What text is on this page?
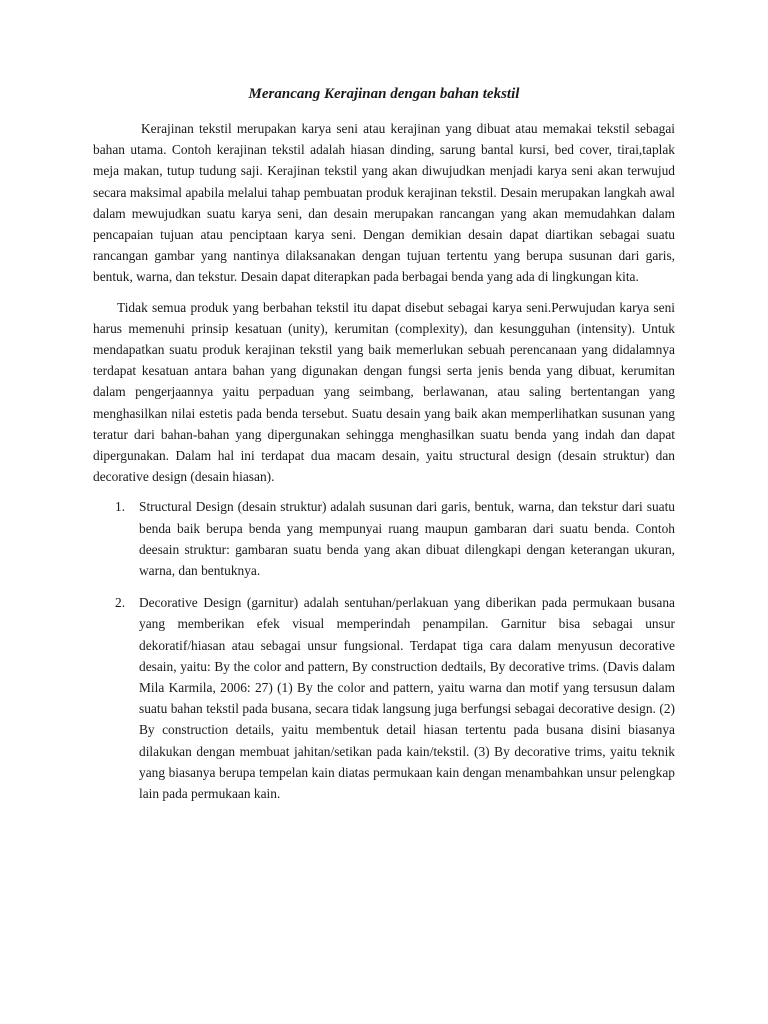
Merancang Kerajinan dengan bahan tekstil

Kerajinan tekstil merupakan karya seni atau kerajinan yang dibuat atau memakai tekstil sebagai bahan utama. Contoh kerajinan tekstil adalah hiasan dinding, sarung bantal kursi, bed cover, tirai,taplak meja makan, tutup tudung saji. Kerajinan tekstil yang akan diwujudkan menjadi karya seni akan terwujud secara maksimal apabila melalui tahap pembuatan produk kerajinan tekstil. Desain merupakan langkah awal dalam mewujudkan suatu karya seni, dan desain merupakan rancangan yang akan memudahkan dalam pencapaian tujuan atau penciptaan karya seni. Dengan demikian desain dapat diartikan sebagai suatu rancangan gambar yang nantinya dilaksanakan dengan tujuan tertentu yang berupa susunan dari garis, bentuk, warna, dan tekstur. Desain dapat diterapkan pada berbagai benda yang ada di lingkungan kita.

Tidak semua produk yang berbahan tekstil itu dapat disebut sebagai karya seni.Perwujudan karya seni harus memenuhi prinsip kesatuan (unity), kerumitan (complexity), dan kesungguhan (intensity). Untuk mendapatkan suatu produk kerajinan tekstil yang baik memerlukan sebuah perencanaan yang didalamnya terdapat kesatuan antara bahan yang digunakan dengan fungsi serta jenis benda yang dibuat, kerumitan dalam pengerjaannya yaitu perpaduan yang seimbang, berlawanan, atau saling bertentangan yang menghasilkan nilai estetis pada benda tersebut. Suatu desain yang baik akan memperlihatkan susunan yang teratur dari bahan-bahan yang dipergunakan sehingga menghasilkan suatu benda yang indah dan dapat dipergunakan. Dalam hal ini terdapat dua macam desain, yaitu structural design (desain struktur) dan decorative design (desain hiasan).

1. Structural Design (desain struktur) adalah susunan dari garis, bentuk, warna, dan tekstur dari suatu benda baik berupa benda yang mempunyai ruang maupun gambaran dari suatu benda. Contoh deesain struktur: gambaran suatu benda yang akan dibuat dilengkapi dengan keterangan ukuran, warna, dan bentuknya.
2. Decorative Design (garnitur) adalah sentuhan/perlakuan yang diberikan pada permukaan busana yang memberikan efek visual memperindah penampilan. Garnitur bisa sebagai unsur dekoratif/hiasan atau sebagai unsur fungsional. Terdapat tiga cara dalam menyusun decorative desain, yaitu: By the color and pattern, By construction dedtails, By decorative trims. (Davis dalam Mila Karmila, 2006: 27) (1) By the color and pattern, yaitu warna dan motif yang tersusun dalam suatu bahan tekstil pada busana, secara tidak langsung juga berfungsi sebagai decorative design. (2) By construction details, yaitu membentuk detail hiasan tertentu pada busana disini biasanya dilakukan dengan membuat jahitan/setikan pada kain/tekstil. (3) By decorative trims, yaitu teknik yang biasanya berupa tempelan kain diatas permukaan kain dengan menambahkan unsur pelengkap lain pada permukaan kain.
